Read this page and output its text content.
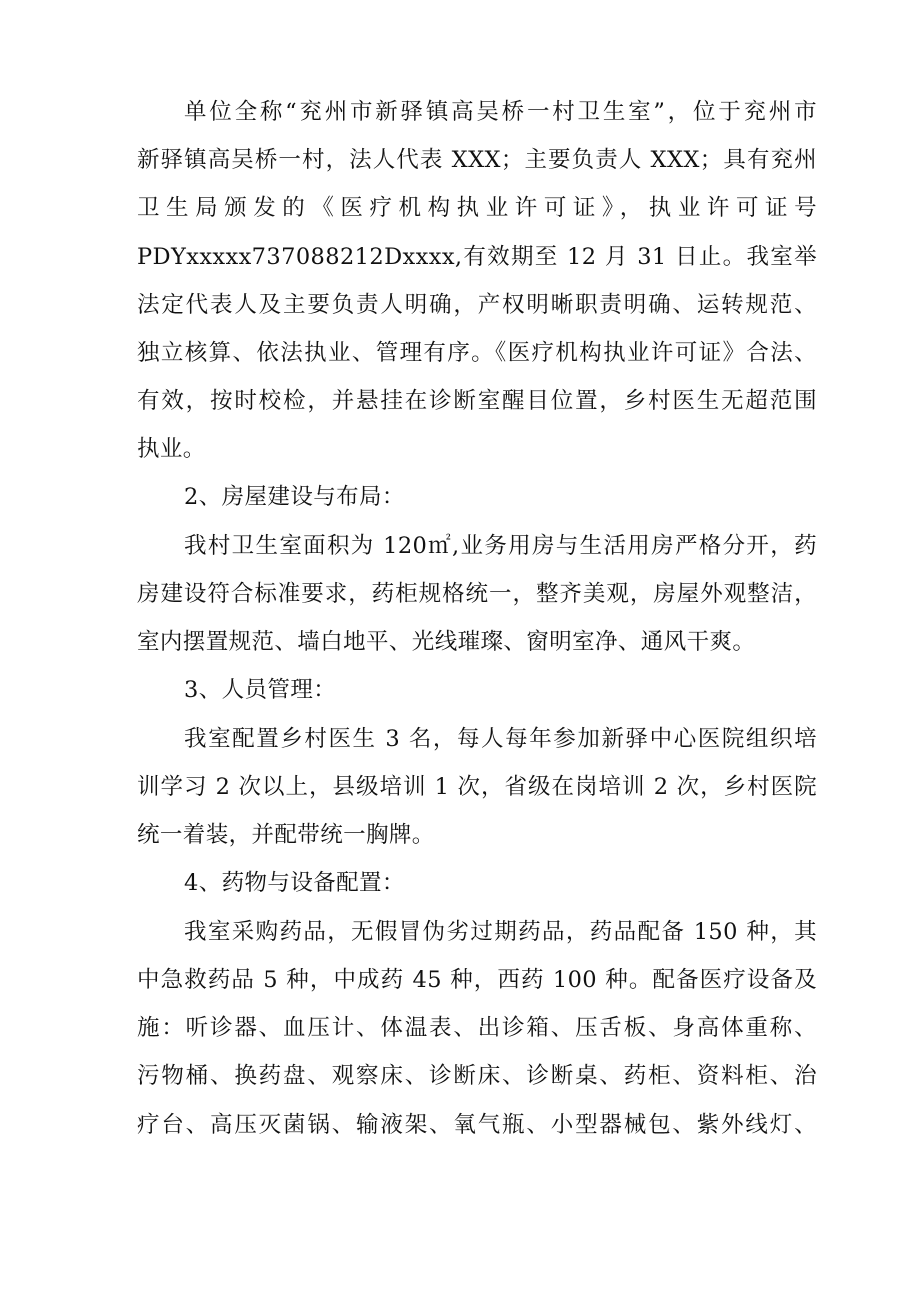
单位全称“兖州市新驿镇高吴桥一村卫生室”，位于兖州市
新驿镇高吴桥一村，法人代表 XXX；主要负责人 XXX；具有兖州
卫生局颁发的《医疗机构执业许可证》，执业许可证号
PDYxxxxx737088212Dxxxx,有效期至 12 月 31 日止。我室举
法定代表人及主要负责人明确，产权明晰职责明确、运转规范、
独立核算、依法执业、管理有序。《医疗机构执业许可证》合法、
有效，按时校检，并悬挂在诊断室醒目位置，乡村医生无超范围
执业。
2、房屋建设与布局：
我村卫生室面积为 120㎡,业务用房与生活用房严格分开，药
房建设符合标准要求，药柜规格统一，整齐美观，房屋外观整洁，
室内摆置规范、墙白地平、光线璀璨、窗明室净、通风干爽。
3、人员管理：
我室配置乡村医生 3 名，每人每年参加新驿中心医院组织培
训学习 2 次以上，县级培训 1 次，省级在岗培训 2 次，乡村医院
统一着装，并配带统一胸牌。
4、药物与设备配置：
我室采购药品，无假冒伪劣过期药品，药品配备 150 种，其
中急救药品 5 种，中成药 45 种，西药 100 种。配备医疗设备及
施：听诊器、血压计、体温表、出诊箱、压舌板、身高体重称、
污物桶、换药盘、观察床、诊断床、诊断桌、药柜、资料柜、治
疗台、高压灭菌锅、输液架、氧气瓶、小型器械包、紫外线灯、
